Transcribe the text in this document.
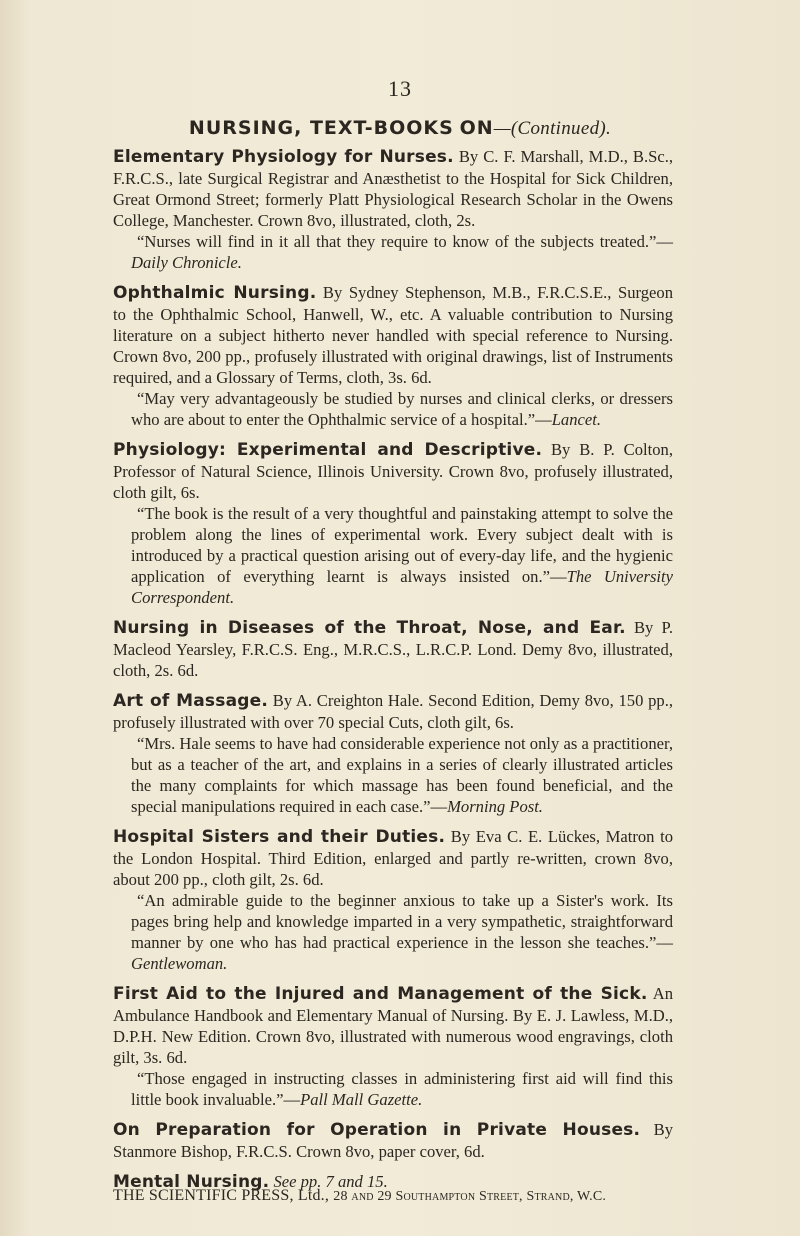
13
NURSING, TEXT-BOOKS ON—(Continued).

Elementary Physiology for Nurses. By C. F. Marshall, M.D., B.Sc., F.R.C.S., late Surgical Registrar and Anæsthetist to the Hospital for Sick Children, Great Ormond Street; formerly Platt Physiological Research Scholar in the Owens College, Manchester. Crown 8vo, illustrated, cloth, 2s.

“Nurses will find in it all that they require to know of the subjects treated.”—Daily Chronicle.

Ophthalmic Nursing. By Sydney Stephenson, M.B., F.R.C.S.E., Surgeon to the Ophthalmic School, Hanwell, W., etc. A valuable contribution to Nursing literature on a subject hitherto never handled with special reference to Nursing. Crown 8vo, 200 pp., profusely illustrated with original drawings, list of Instruments required, and a Glossary of Terms, cloth, 3s. 6d.

“May very advantageously be studied by nurses and clinical clerks, or dressers who are about to enter the Ophthalmic service of a hospital.”—Lancet.

Physiology: Experimental and Descriptive. By B. P. Colton, Professor of Natural Science, Illinois University. Crown 8vo, profusely illustrated, cloth gilt, 6s.

“The book is the result of a very thoughtful and painstaking attempt to solve the problem along the lines of experimental work. Every subject dealt with is introduced by a practical question arising out of every-day life, and the hygienic application of everything learnt is always insisted on.”—The University Correspondent.

Nursing in Diseases of the Throat, Nose, and Ear. By P. Macleod Yearsley, F.R.C.S. Eng., M.R.C.S., L.R.C.P. Lond. Demy 8vo, illustrated, cloth, 2s. 6d.

Art of Massage. By A. Creighton Hale. Second Edition, Demy 8vo, 150 pp., profusely illustrated with over 70 special Cuts, cloth gilt, 6s.

“Mrs. Hale seems to have had considerable experience not only as a practitioner, but as a teacher of the art, and explains in a series of clearly illustrated articles the many complaints for which massage has been found beneficial, and the special manipulations required in each case.”—Morning Post.

Hospital Sisters and their Duties. By Eva C. E. Lückes, Matron to the London Hospital. Third Edition, enlarged and partly re-written, crown 8vo, about 200 pp., cloth gilt, 2s. 6d.

“An admirable guide to the beginner anxious to take up a Sister's work. Its pages bring help and knowledge imparted in a very sympathetic, straightforward manner by one who has had practical experience in the lesson she teaches.”—Gentlewoman.

First Aid to the Injured and Management of the Sick. An Ambulance Handbook and Elementary Manual of Nursing. By E. J. Lawless, M.D., D.P.H. New Edition. Crown 8vo, illustrated with numerous wood engravings, cloth gilt, 3s. 6d.

“Those engaged in instructing classes in administering first aid will find this little book invaluable.”—Pall Mall Gazette.

On Preparation for Operation in Private Houses. By Stanmore Bishop, F.R.C.S. Crown 8vo, paper cover, 6d.

Mental Nursing. See pp. 7 and 15.

THE SCIENTIFIC PRESS, Ltd., 28 and 29 Southampton Street, Strand, W.C.
